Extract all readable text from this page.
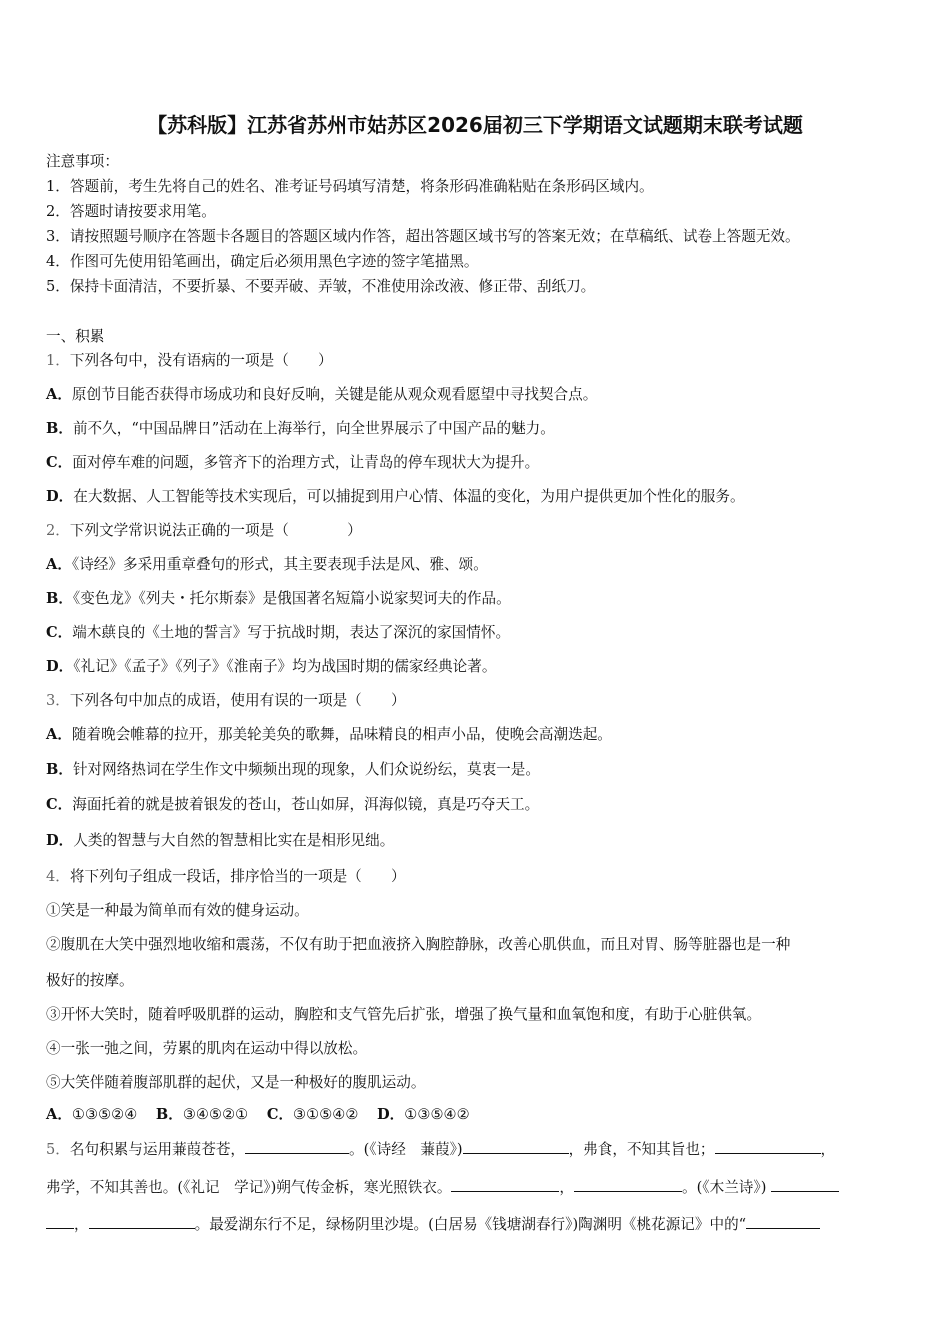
【苏科版】江苏省苏州市姑苏区2026届初三下学期语文试题期末联考试题
注意事项：
1．答题前，考生先将自己的姓名、准考证号码填写清楚，将条形码准确粘贴在条形码区域内。
2．答题时请按要求用笔。
3．请按照题号顺序在答题卡各题目的答题区域内作答，超出答题区域书写的答案无效；在草稿纸、试卷上答题无效。
4．作图可先使用铅笔画出，确定后必须用黑色字迹的签字笔描黑。
5．保持卡面清洁，不要折暴、不要弄破、弄皱，不准使用涂改液、修正带、刮纸刀。
一、积累
1．下列各句中，没有语病的一项是（　　）
A．原创节目能否获得市场成功和良好反响，关键是能从观众观看愿望中寻找契合点。
B．前不久，“中国品牌日”活动在上海举行，向全世界展示了中国产品的魅力。
C．面对停车难的问题，多管齐下的治理方式，让青岛的停车现状大为提升。
D．在大数据、人工智能等技术实现后，可以捕捉到用户心情、体温的变化，为用户提供更加个性化的服务。
2．下列文学常识说法正确的一项是（　　　　）
A．《诗经》多采用重章叠句的形式，其主要表现手法是风、雅、颂。
B．《变色龙》《列夫・托尔斯泰》是俄国著名短篇小说家契诃夫的作品。
C．端木蕻良的《土地的誓言》写于抗战时期，表达了深沉的家国情怀。
D．《礼记》《孟子》《列子》《淮南子》均为战国时期的儒家经典论著。
3．下列各句中加点的成语，使用有误的一项是（　　）
A．随着晚会帷幕的拉开，那美轮美奂的歌舞，品味精良的相声小品，使晚会高潮迭起。
B．针对网络热词在学生作文中频频出现的现象，人们众说纷纭，莫衷一是。
C．海面托着的就是披着银发的苍山，苍山如屏，洱海似镜，真是巧夺天工。
D．人类的智慧与大自然的智慧相比实在是相形见绌。
4．将下列句子组成一段话，排序恰当的一项是（　　）
①笑是一种最为简单而有效的健身运动。
②腹肌在大笑中强烈地收缩和震荡，不仅有助于把血液挤入胸腔静脉，改善心肌供血，而且对胃、肠等脏器也是一种
极好的按摩。
③开怀大笑时，随着呼吸肌群的运动，胸腔和支气管先后扩张，增强了换气量和血氧饱和度，有助于心脏供氧。
④一张一弛之间，劳累的肌肉在运动中得以放松。
⑤大笑伴随着腹部肌群的起伏，又是一种极好的腹肌运动。
A．①③⑤②④ B．③④⑤②① C．③①⑤④② D．①③⑤④②
5．名句积累与运用蒹葭苍苍，	。(《诗经　蒹葭》)	，弗食，不知其旨也；	，
弗学，不知其善也。(《礼记　学记》)朔气传金柝，寒光照铁衣。	，	。(《木兰诗》)
，	。最爱湖东行不足，绿杨阴里沙堤。(白居易《钱塘湖春行》)陶渊明《桃花源记》中的“
